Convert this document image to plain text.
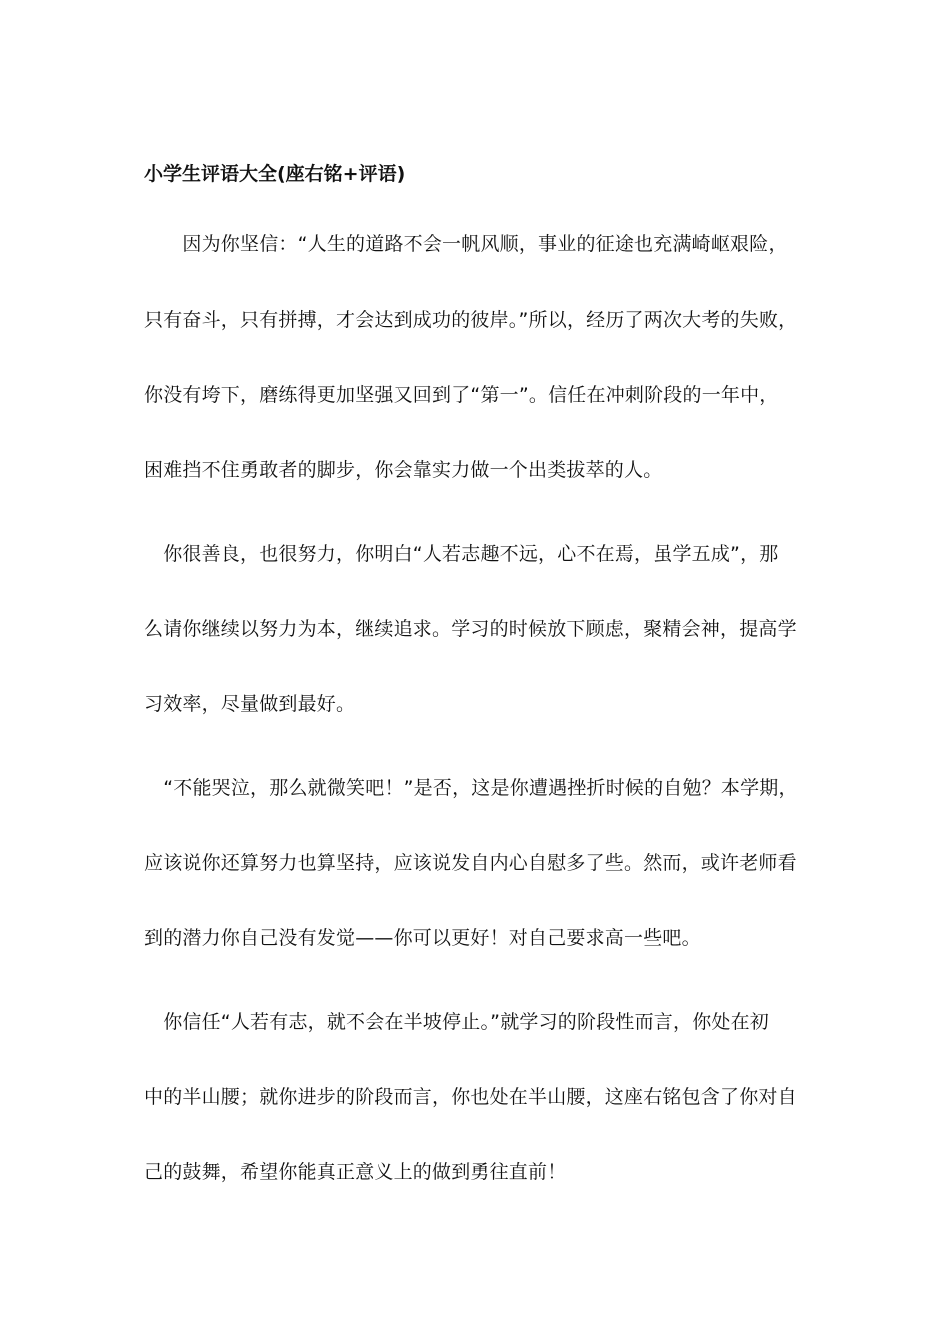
小学生评语大全(座右铭+评语)
　　因为你坚信：“人生的道路不会一帆风顺，事业的征途也充满崎岖艰险，
只有奋斗，只有拼搏，才会达到成功的彼岸。”所以，经历了两次大考的失败，
你没有垮下，磨练得更加坚强又回到了“第一”。信任在冲刺阶段的一年中，
困难挡不住勇敢者的脚步，你会靠实力做一个出类拔萃的人。
　你很善良，也很努力，你明白“人若志趣不远，心不在焉，虽学五成”，那
么请你继续以努力为本，继续追求。学习的时候放下顾虑，聚精会神，提高学
习效率，尽量做到最好。
　“不能哭泣，那么就微笑吧！”是否，这是你遭遇挫折时候的自勉？本学期，
应该说你还算努力也算坚持，应该说发自内心自慰多了些。然而，或许老师看
到的潜力你自己没有发觉——你可以更好！对自己要求高一些吧。
　你信任“人若有志，就不会在半坡停止。”就学习的阶段性而言，你处在初
中的半山腰；就你进步的阶段而言，你也处在半山腰，这座右铭包含了你对自
己的鼓舞，希望你能真正意义上的做到勇往直前！
